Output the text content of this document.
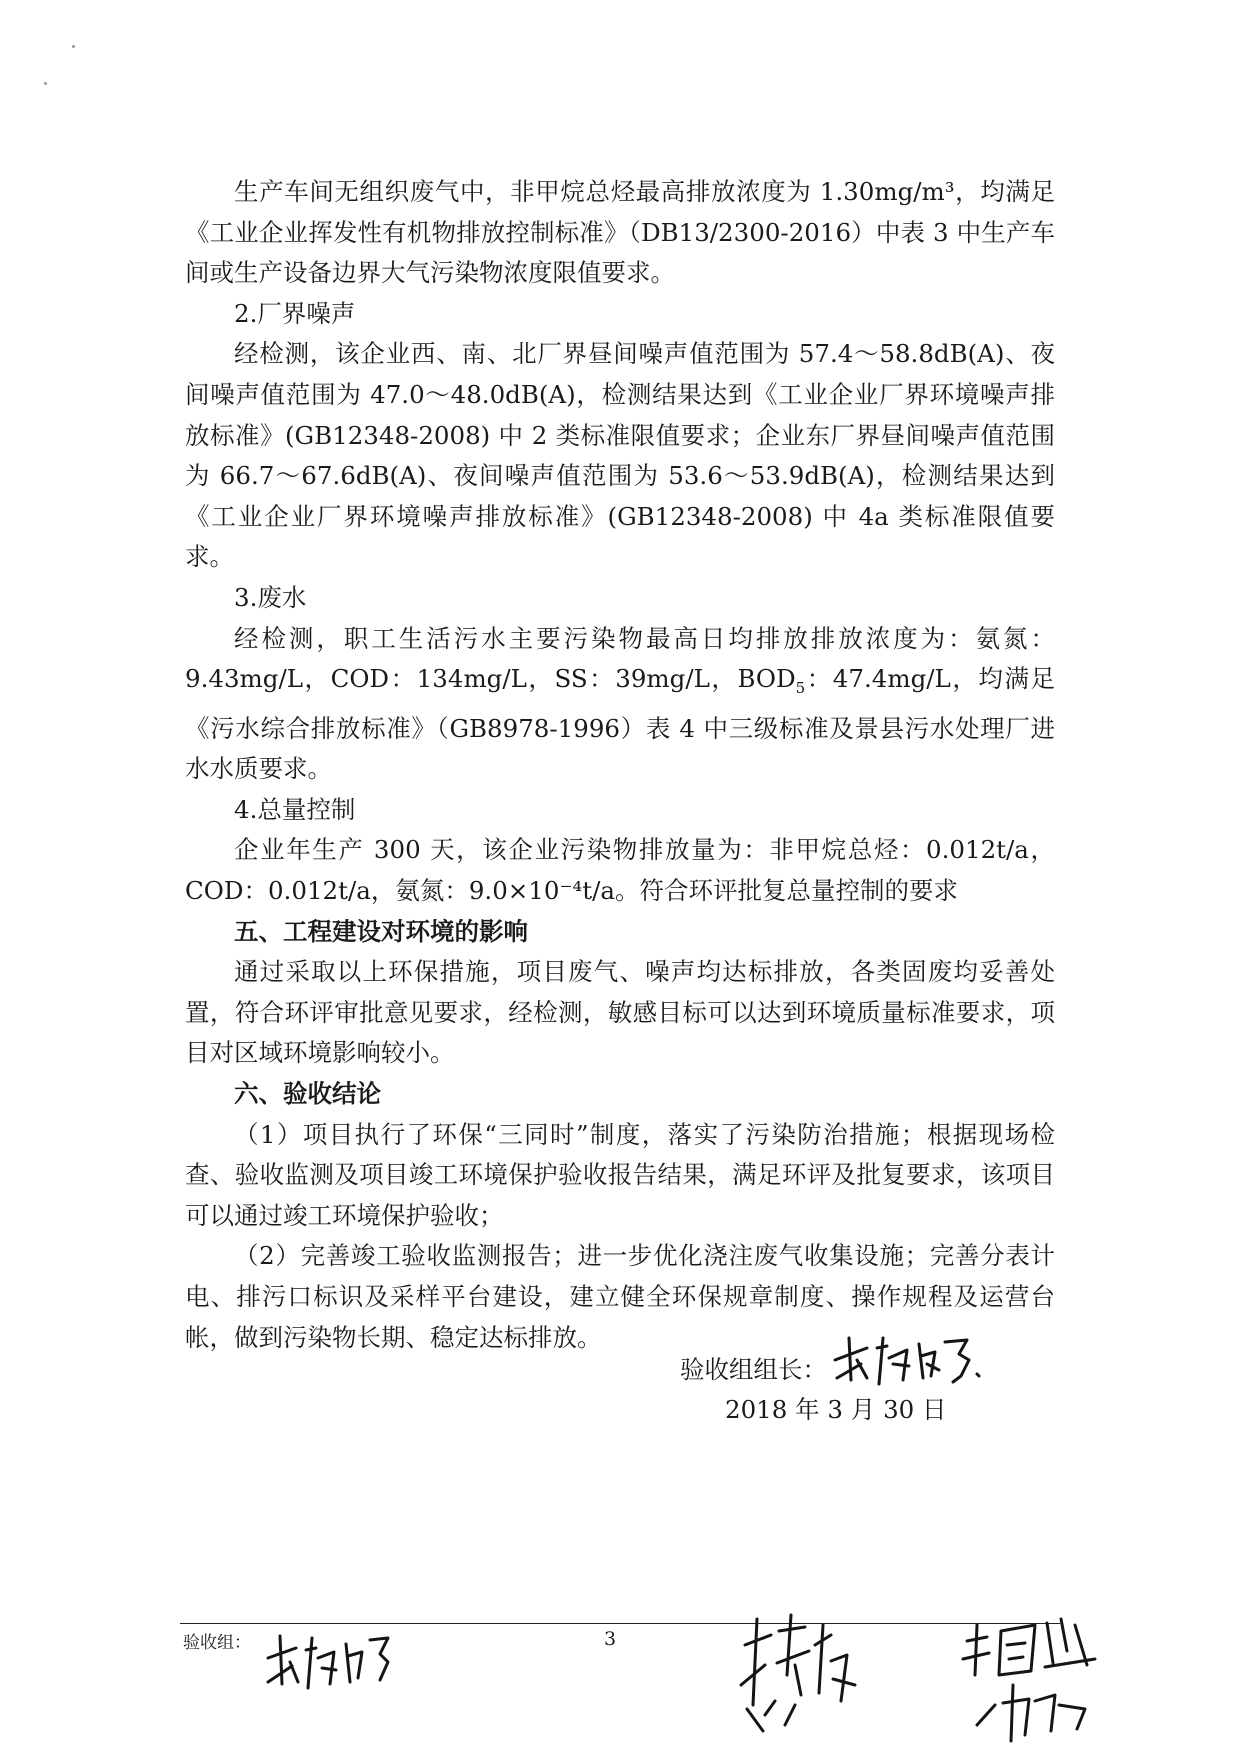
生产车间无组织废气中，非甲烷总烃最高排放浓度为 1.30mg/m³，均满足《工业企业挥发性有机物排放控制标准》（DB13/2300-2016）中表 3 中生产车间或生产设备边界大气污染物浓度限值要求。

2.厂界噪声

经检测，该企业西、南、北厂界昼间噪声值范围为 57.4～58.8dB(A)、夜间噪声值范围为 47.0～48.0dB(A)，检测结果达到《工业企业厂界环境噪声排放标准》(GB12348-2008) 中 2 类标准限值要求；企业东厂界昼间噪声值范围为 66.7～67.6dB(A)、夜间噪声值范围为 53.6～53.9dB(A)，检测结果达到《工业企业厂界环境噪声排放标准》(GB12348-2008) 中 4a 类标准限值要求。

3.废水

经检测，职工生活污水主要污染物最高日均排放排放浓度为：氨氮：9.43mg/L，COD：134mg/L，SS：39mg/L，$BOD_5$：47.4mg/L，均满足《污水综合排放标准》（GB8978-1996）表 4 中三级标准及景县污水处理厂进水水质要求。

4.总量控制

企业年生产 300 天，该企业污染物排放量为：非甲烷总烃：0.012t/a，COD：0.012t/a，氨氮：9.0×10⁻⁴t/a。符合环评批复总量控制的要求

五、工程建设对环境的影响

通过采取以上环保措施，项目废气、噪声均达标排放，各类固废均妥善处置，符合环评审批意见要求，经检测，敏感目标可以达到环境质量标准要求，项目对区域环境影响较小。

六、验收结论

（1）项目执行了环保“三同时”制度，落实了污染防治措施；根据现场检查、验收监测及项目竣工环境保护验收报告结果，满足环评及批复要求，该项目可以通过竣工环境保护验收；

（2）完善竣工验收监测报告；进一步优化浇注废气收集设施；完善分表计电、排污口标识及采样平台建设，建立健全环保规章制度、操作规程及运营台帐，做到污染物长期、稳定达标排放。

验收组组长：
2018 年 3 月 30 日
验收组：	3
